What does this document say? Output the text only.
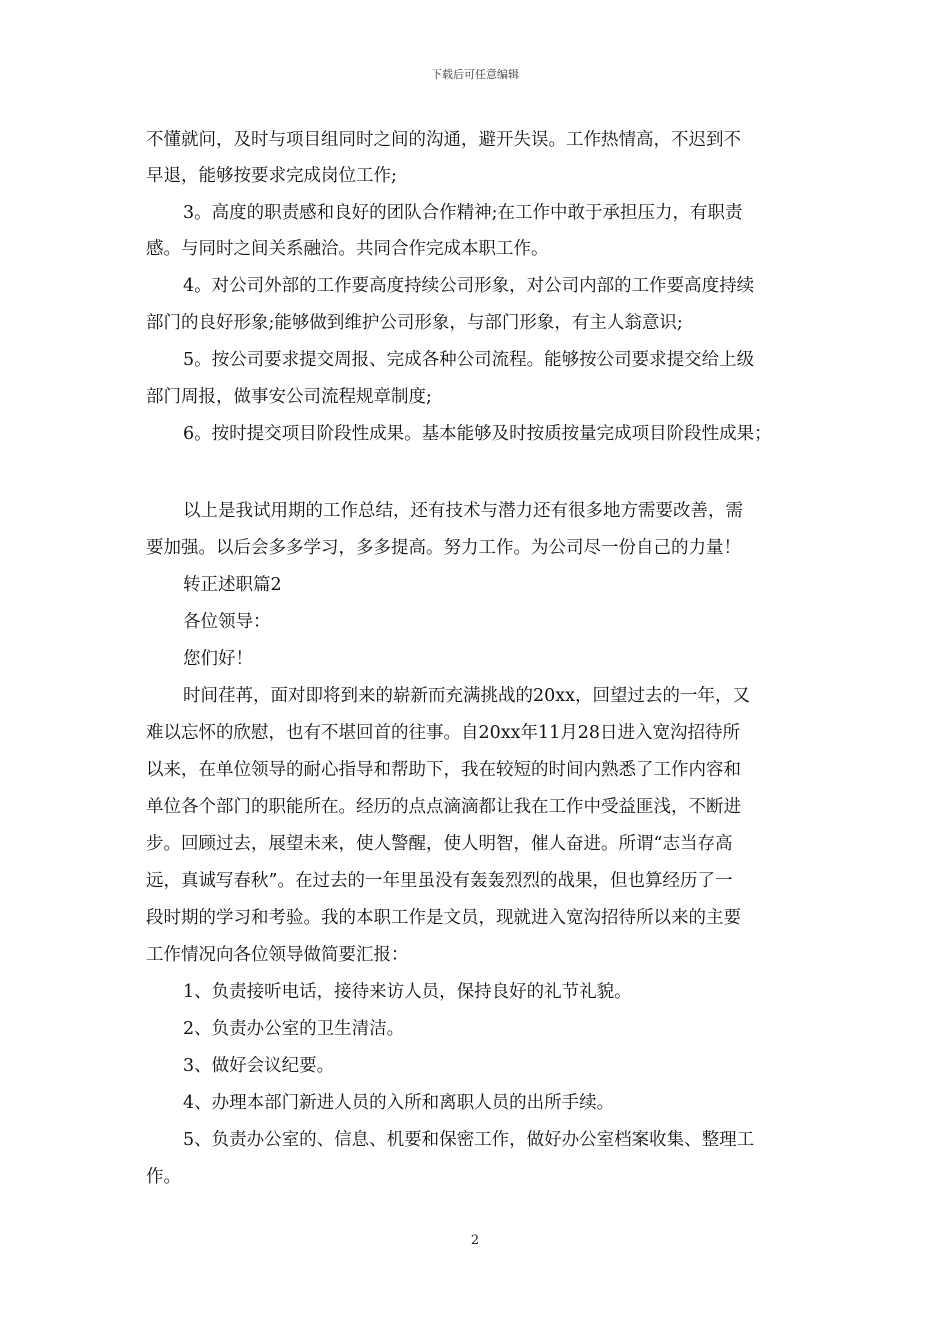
下载后可任意编辑
不懂就问，及时与项目组同时之间的沟通，避开失误。工作热情高，不迟到不
早退，能够按要求完成岗位工作;
3。高度的职责感和良好的团队合作精神;在工作中敢于承担压力，有职责
感。与同时之间关系融洽。共同合作完成本职工作。
4。对公司外部的工作要高度持续公司形象，对公司内部的工作要高度持续
部门的良好形象;能够做到维护公司形象，与部门形象，有主人翁意识;
5。按公司要求提交周报、完成各种公司流程。能够按公司要求提交给上级
部门周报，做事安公司流程规章制度;
6。按时提交项目阶段性成果。基本能够及时按质按量完成项目阶段性成果；
以上是我试用期的工作总结，还有技术与潜力还有很多地方需要改善，需
要加强。以后会多多学习，多多提高。努力工作。为公司尽一份自己的力量！
转正述职篇2
各位领导：
您们好！
时间荏苒，面对即将到来的崭新而充满挑战的20xx，回望过去的一年，又
难以忘怀的欣慰，也有不堪回首的往事。自20xx年11月28日进入宽沟招待所
以来，在单位领导的耐心指导和帮助下，我在较短的时间内熟悉了工作内容和
单位各个部门的职能所在。经历的点点滴滴都让我在工作中受益匪浅，不断进
步。回顾过去，展望未来，使人警醒，使人明智，催人奋进。所谓“志当存高
远，真诚写春秋”。在过去的一年里虽没有轰轰烈烈的战果，但也算经历了一
段时期的学习和考验。我的本职工作是文员，现就进入宽沟招待所以来的主要
工作情况向各位领导做简要汇报：
1、负责接听电话，接待来访人员，保持良好的礼节礼貌。
2、负责办公室的卫生清洁。
3、做好会议纪要。
4、办理本部门新进人员的入所和离职人员的出所手续。
5、负责办公室的、信息、机要和保密工作，做好办公室档案收集、整理工
作。
2
